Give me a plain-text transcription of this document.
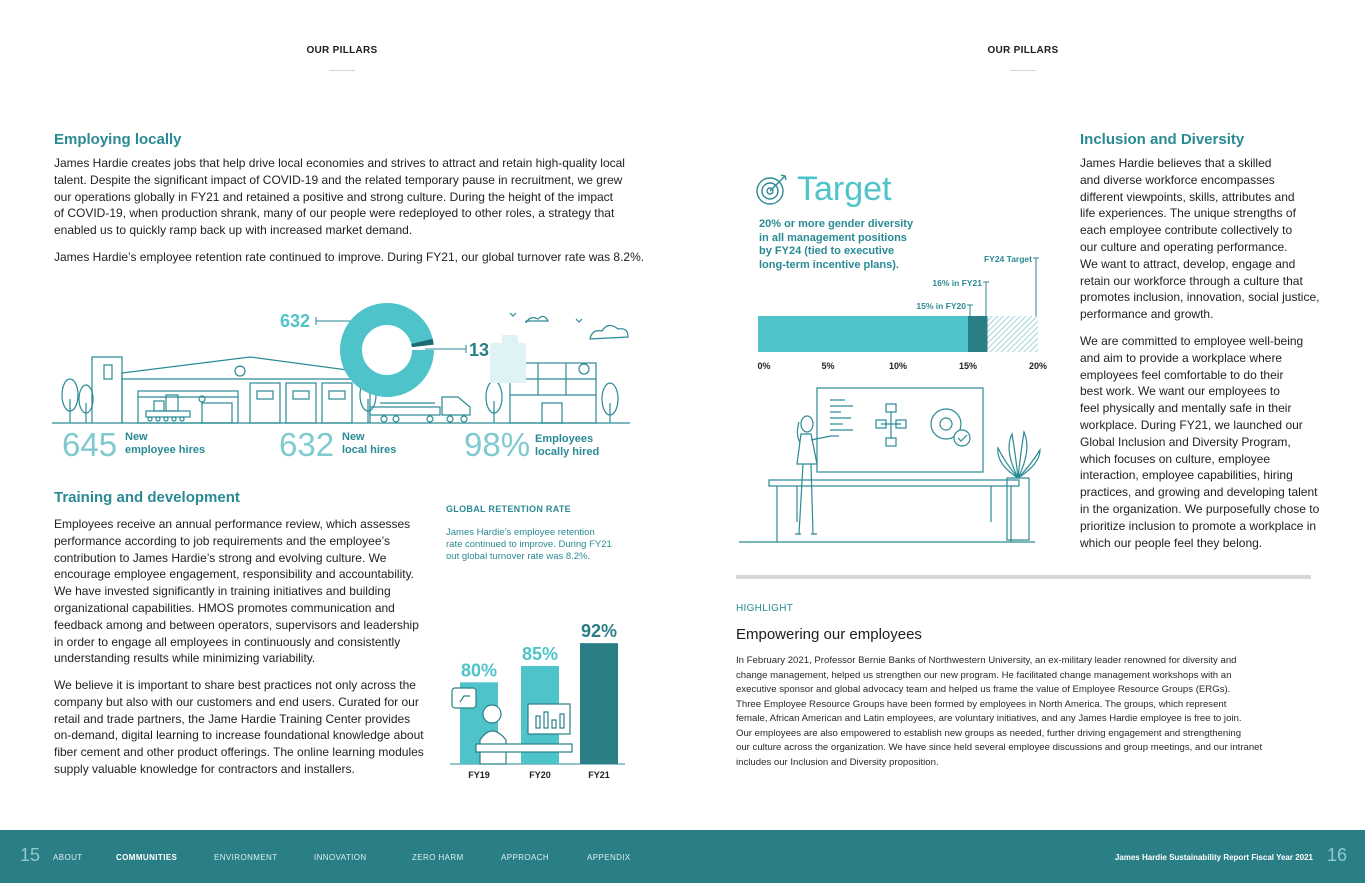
OUR PILLARS
Employing locally
James Hardie creates jobs that help drive local economies and strives to attract and retain high-quality local
talent. Despite the significant impact of COVID-19 and the related temporary pause in recruitment, we grew
our operations globally in FY21 and retained a positive and strong culture. During the height of the impact
of COVID-19, when production shrank, many of our people were redeployed to other roles, a strategy that
enabled us to quickly ramp back up with increased market demand.
James Hardie’s employee retention rate continued to improve. During FY21, our global turnover rate was 8.2%.
632
13
645 New
employee hires 632 New
local hires 98% Employees
locally hired
Training and development
Employees receive an annual performance review, which assesses
performance according to job requirements and the employee’s
contribution to James Hardie’s strong and evolving culture. We
encourage employee engagement, responsibility and accountability.
We have invested significantly in training initiatives and building
organizational capabilities. HMOS promotes communication and
feedback among and between operators, supervisors and leadership
in order to engage all employees in continuously and consistently
understanding results while minimizing variability.
We believe it is important to share best practices not only across the
company but also with our customers and end users. Curated for our
retail and trade partners, the Jame Hardie Training Center provides
on-demand, digital learning to increase foundational knowledge about
fiber cement and other product offerings. The online learning modules
supply valuable knowledge for contractors and installers.
GLOBAL RETENTION RATE
James Hardie’s employee retention
rate continued to improve. During FY21
out global turnover rate was 8.2%.
80%
FY19
85%
FY20
92%
FY21
OUR PILLARS
Target
20% or more gender diversity
in all management positions
by FY24 (tied to executive
long-term incentive plans).
0%	5%	10%	15%	20%
15% in FY20
16% in FY21
FY24 Target
Inclusion and Diversity
James Hardie believes that a skilled
and diverse workforce encompasses
different viewpoints, skills, attributes and
life experiences. The unique strengths of
each employee contribute collectively to
our culture and operating performance.
We want to attract, develop, engage and
retain our workforce through a culture that
promotes inclusion, innovation, social justice,
performance and growth.
We are committed to employee well-being
and aim to provide a workplace where
employees feel comfortable to do their
best work. We want our employees to
feel physically and mentally safe in their
workplace. During FY21, we launched our
Global Inclusion and Diversity Program,
which focuses on culture, employee
interaction, employee capabilities, hiring
practices, and growing and developing talent
in the organization. We purposefully chose to
prioritize inclusion to promote a workplace in
which our people feel they belong.
HIGHLIGHT
Empowering our employees
In February 2021, Professor Bernie Banks of Northwestern University, an ex-military leader renowned for diversity and
change management, helped us strengthen our new program. He facilitated change management workshops with an
executive sponsor and global advocacy team and helped us frame the value of Employee Resource Groups (ERGs).
Three Employee Resource Groups have been formed by employees in North America. The groups, which represent
female, African American and Latin employees, are voluntary initiatives, and any James Hardie employee is free to join.
Our employees are also empowered to establish new groups as needed, further driving engagement and strengthening
our culture across the organization. We have since held several employee discussions and group meetings, and our intranet
includes our Inclusion and Diversity proposition.
15 ABOUT	COMMUNITIES	ENVIRONMENT	INNOVATION	ZERO HARM	APPROACH	APPENDIX	James Hardie Sustainability Report Fiscal Year 2021 16
